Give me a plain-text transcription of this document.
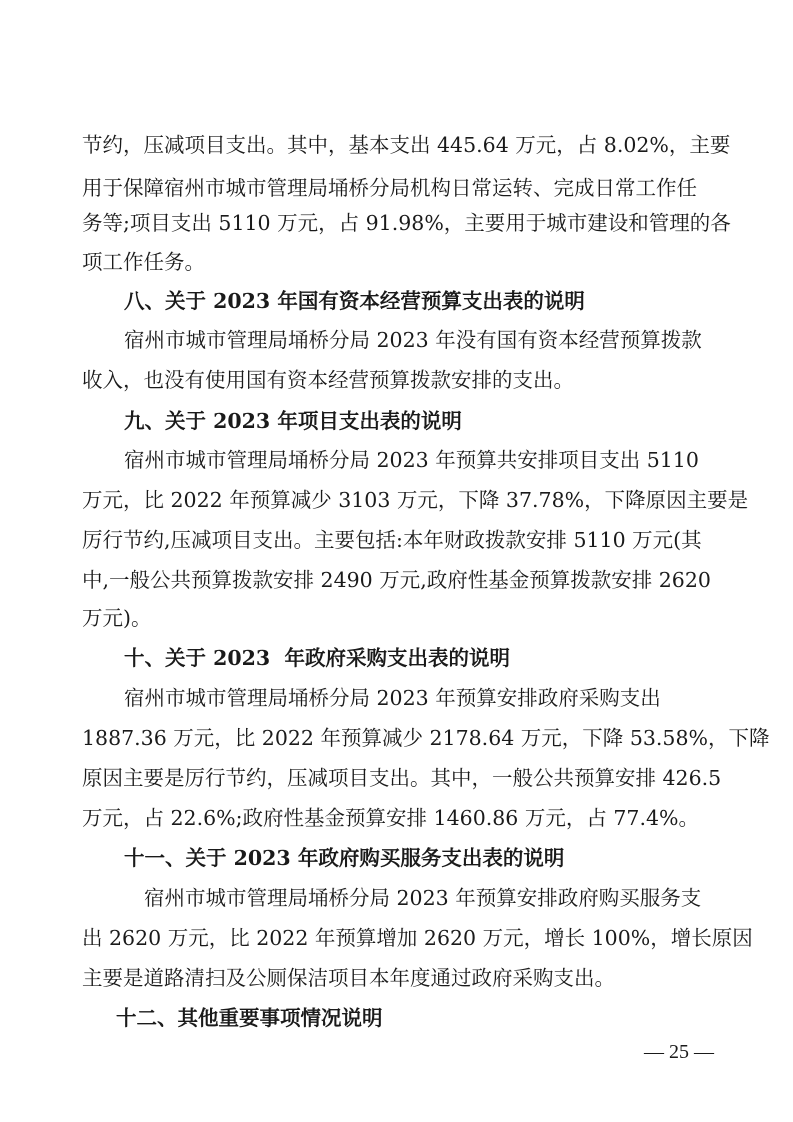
节约，压减项目支出。其中，基本支出 445.64 万元，占 8.02%，主要

用于保障宿州市城市管理局埇桥分局机构日常运转、完成日常工作任

务等;项目支出 5110 万元，占 91.98%，主要用于城市建设和管理的各

项工作任务。

八、关于 2023 年国有资本经营预算支出表的说明

宿州市城市管理局埇桥分局 2023 年没有国有资本经营预算拨款

收入，也没有使用国有资本经营预算拨款安排的支出。

九、关于 2023 年项目支出表的说明

宿州市城市管理局埇桥分局 2023 年预算共安排项目支出 5110

万元，比 2022 年预算减少 3103 万元，下降 37.78%，下降原因主要是

厉行节约,压减项目支出。主要包括:本年财政拨款安排 5110 万元(其

中,一般公共预算拨款安排 2490 万元,政府性基金预算拨款安排 2620

万元)。

十、关于 2023  年政府采购支出表的说明

宿州市城市管理局埇桥分局 2023 年预算安排政府采购支出

1887.36 万元，比 2022 年预算减少 2178.64 万元，下降 53.58%，下降

原因主要是厉行节约，压减项目支出。其中，一般公共预算安排 426.5

万元，占 22.6%;政府性基金预算安排 1460.86 万元，占 77.4%。

十一、关于 2023 年政府购买服务支出表的说明

宿州市城市管理局埇桥分局 2023 年预算安排政府购买服务支

出 2620 万元，比 2022 年预算增加 2620 万元，增长 100%，增长原因

主要是道路清扫及公厕保洁项目本年度通过政府采购支出。

十二、其他重要事项情况说明
— 25 —
